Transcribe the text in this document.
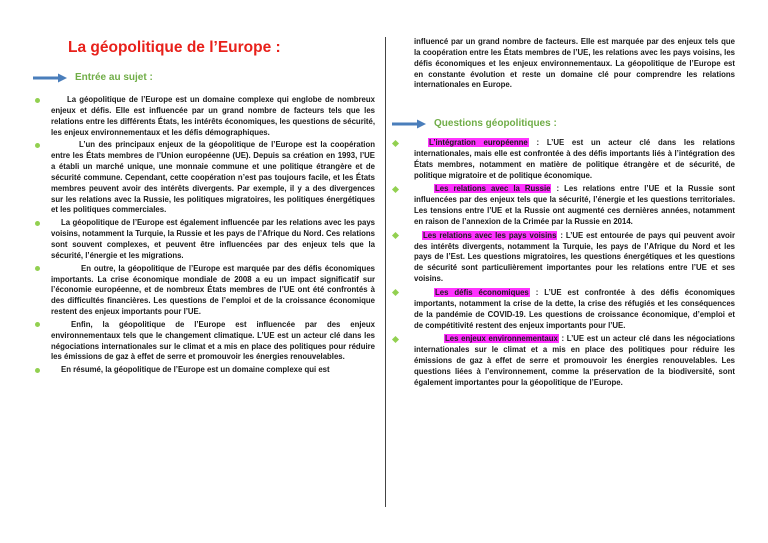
La géopolitique de l’Europe :
Entrée au sujet :

La géopolitique de l’Europe est un domaine complexe qui englobe de nombreux enjeux et défis. Elle est influencée par un grand nombre de facteurs tels que les relations entre les différents États, les intérêts économiques, les questions de sécurité, les enjeux environnementaux et les défis démographiques.

L’un des principaux enjeux de la géopolitique de l’Europe est la coopération entre les États membres de l’Union européenne (UE). Depuis sa création en 1993, l’UE a établi un marché unique, une monnaie commune et une politique étrangère et de sécurité commune. Cependant, cette coopération n’est pas toujours facile, et les États membres peuvent avoir des intérêts divergents. Par exemple, il y a des divergences sur les relations avec la Russie, les politiques migratoires, les politiques énergétiques et les politiques commerciales.

La géopolitique de l’Europe est également influencée par les relations avec les pays voisins, notamment la Turquie, la Russie et les pays de l’Afrique du Nord. Ces relations sont souvent complexes, et peuvent être influencées par des enjeux tels que la sécurité, l’énergie et les migrations.

En outre, la géopolitique de l’Europe est marquée par des défis économiques importants. La crise économique mondiale de 2008 a eu un impact significatif sur l’économie européenne, et de nombreux États membres de l’UE ont été confrontés à des difficultés financières. Les questions de l’emploi et de la croissance économique restent des enjeux importants pour l’UE.

Enfin, la géopolitique de l’Europe est influencée par des enjeux environnementaux tels que le changement climatique. L’UE est un acteur clé dans les négociations internationales sur le climat et a mis en place des politiques pour réduire les émissions de gaz à effet de serre et promouvoir les énergies renouvelables.

En résumé, la géopolitique de l’Europe est un domaine complexe qui est

influencé par un grand nombre de facteurs. Elle est marquée par des enjeux tels que la coopération entre les États membres de l’UE, les relations avec les pays voisins, les défis économiques et les enjeux environnementaux. La géopolitique de l’Europe est en constante évolution et reste un domaine clé pour comprendre les relations internationales en Europe.

Questions géopolitiques :

L’intégration européenne : L’UE est un acteur clé dans les relations internationales, mais elle est confrontée à des défis importants liés à l’intégration des États membres, notamment en matière de politique étrangère et de sécurité, de politique migratoire et de politique économique.

Les relations avec la Russie : Les relations entre l’UE et la Russie sont influencées par des enjeux tels que la sécurité, l’énergie et les questions territoriales. Les tensions entre l’UE et la Russie ont augmenté ces dernières années, notamment en raison de l’annexion de la Crimée par la Russie en 2014.

Les relations avec les pays voisins : L’UE est entourée de pays qui peuvent avoir des intérêts divergents, notamment la Turquie, les pays de l’Afrique du Nord et les pays de l’Est. Les questions migratoires, les questions énergétiques et les questions de sécurité sont particulièrement importantes pour les relations entre l’UE et ses voisins.

Les défis économiques : L’UE est confrontée à des défis économiques importants, notamment la crise de la dette, la crise des réfugiés et les conséquences de la pandémie de COVID-19. Les questions de croissance économique, d’emploi et de compétitivité restent des enjeux importants pour l’UE.

Les enjeux environnementaux : L’UE est un acteur clé dans les négociations internationales sur le climat et a mis en place des politiques pour réduire les émissions de gaz à effet de serre et promouvoir les énergies renouvelables. Les questions liées à l’environnement, comme la préservation de la biodiversité, sont également importantes pour la géopolitique de l’Europe.
